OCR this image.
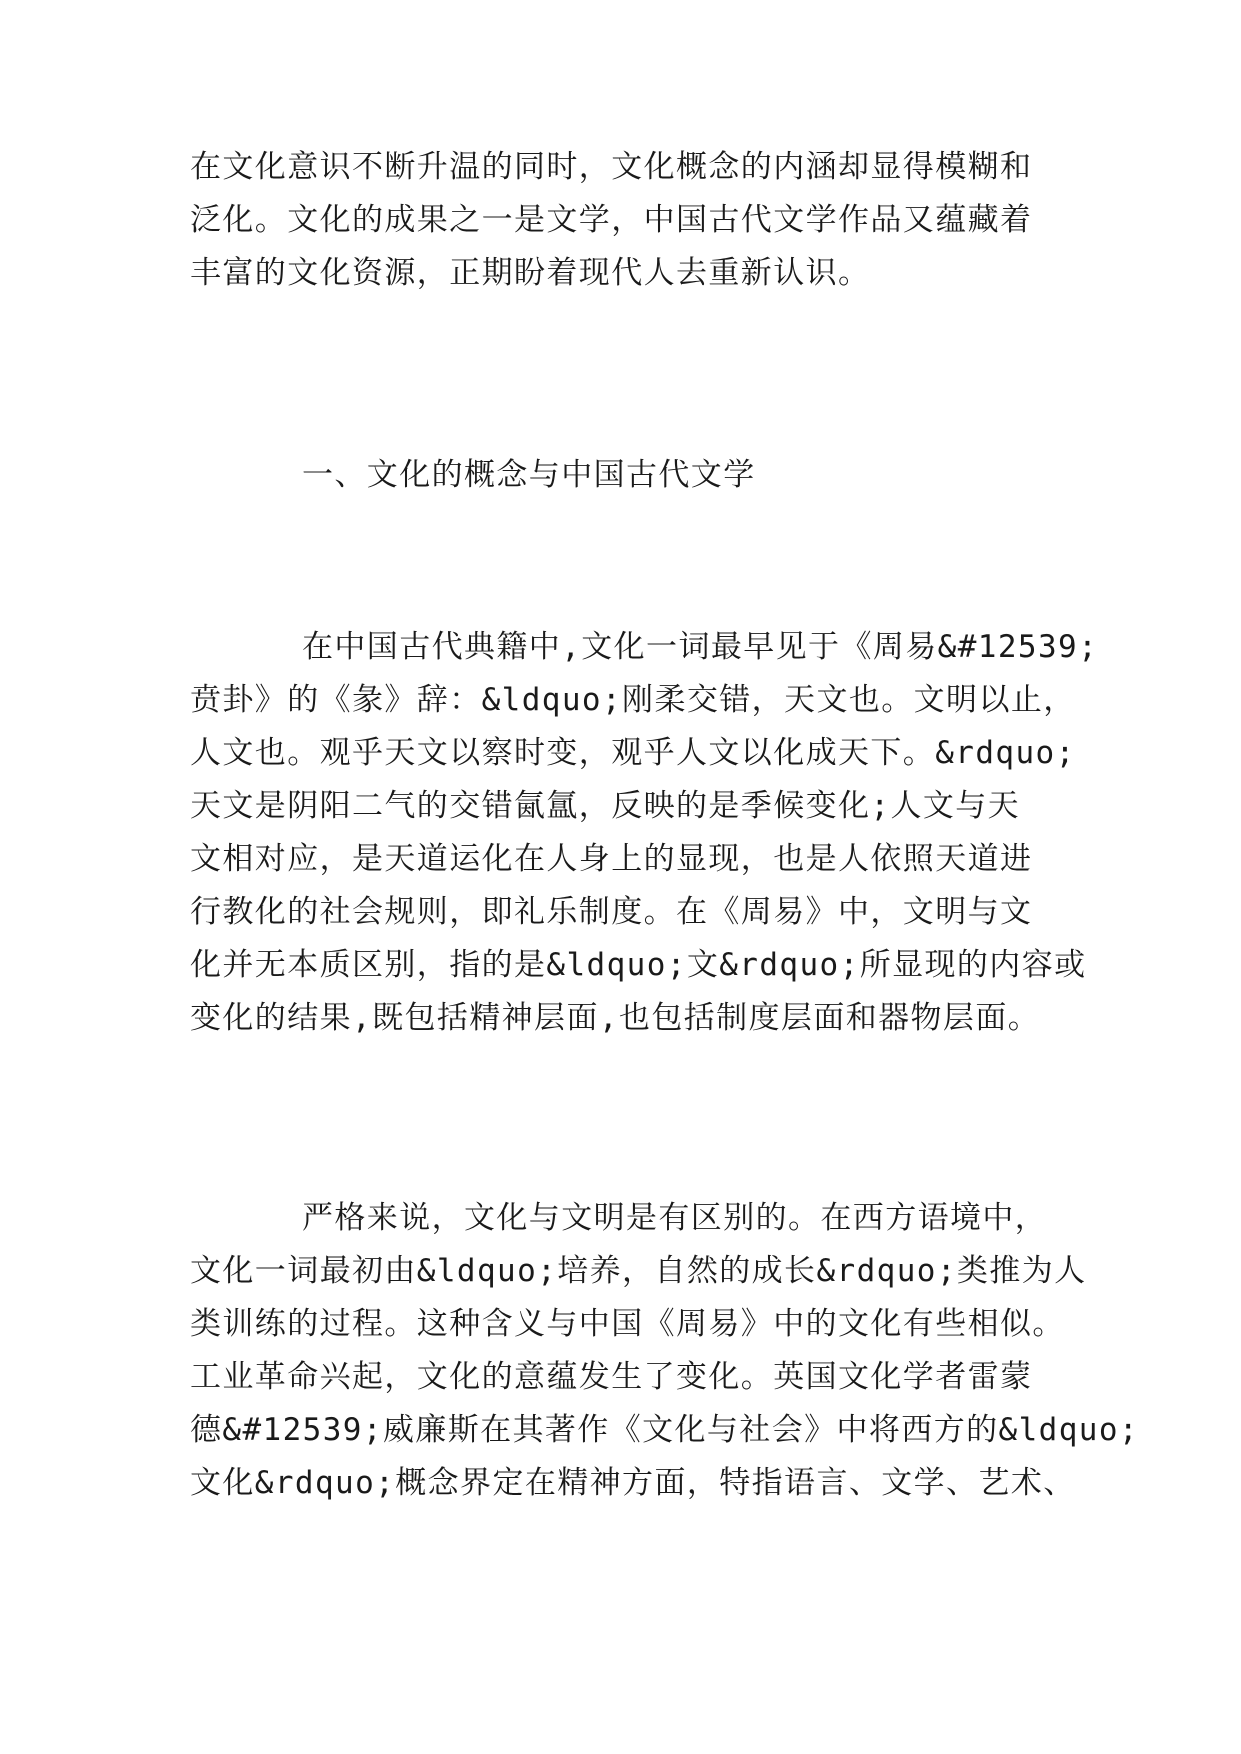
在文化意识不断升温的同时，文化概念的内涵却显得模糊和
泛化。文化的成果之一是文学，中国古代文学作品又蕴藏着
丰富的文化资源，正期盼着现代人去重新认识。
一、文化的概念与中国古代文学
在中国古代典籍中,文化一词最早见于《周易&#12539;
贲卦》的《彖》辞：&ldquo;刚柔交错，天文也。文明以止，
人文也。观乎天文以察时变，观乎人文以化成天下。&rdquo;
天文是阴阳二气的交错氤氲，反映的是季候变化;人文与天
文相对应，是天道运化在人身上的显现，也是人依照天道进
行教化的社会规则，即礼乐制度。在《周易》中，文明与文
化并无本质区别，指的是&ldquo;文&rdquo;所显现的内容或
变化的结果,既包括精神层面,也包括制度层面和器物层面。
严格来说，文化与文明是有区别的。在西方语境中，
文化一词最初由&ldquo;培养，自然的成长&rdquo;类推为人
类训练的过程。这种含义与中国《周易》中的文化有些相似。
工业革命兴起，文化的意蕴发生了变化。英国文化学者雷蒙
德&#12539;威廉斯在其著作《文化与社会》中将西方的&ldquo;
文化&rdquo;概念界定在精神方面，特指语言、文学、艺术、
